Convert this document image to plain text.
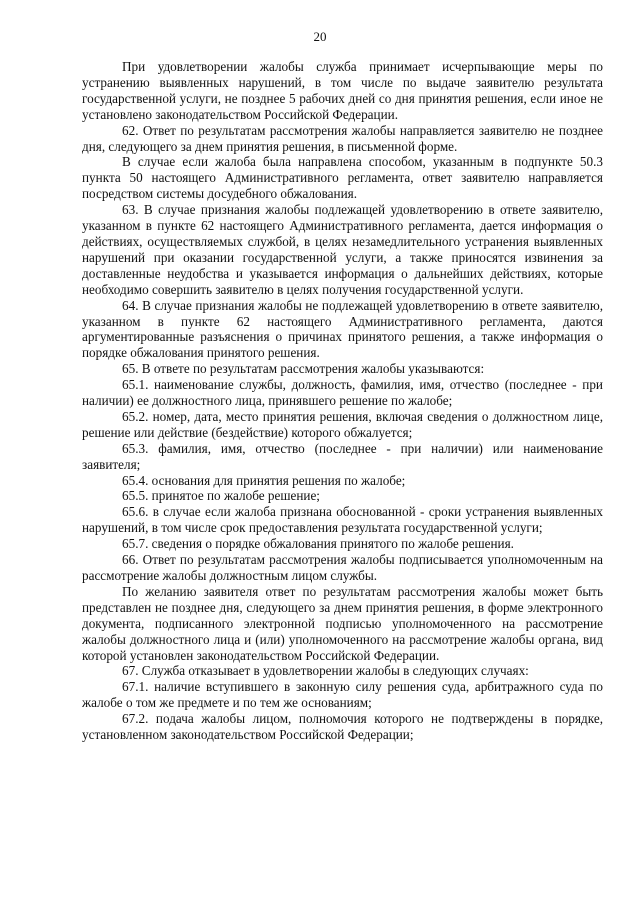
20

При удовлетворении жалобы служба принимает исчерпывающие меры по устранению выявленных нарушений, в том числе по выдаче заявителю результата государственной услуги, не позднее 5 рабочих дней со дня принятия решения, если иное не установлено законодательством Российской Федерации.

62. Ответ по результатам рассмотрения жалобы направляется заявителю не позднее дня, следующего за днем принятия решения, в письменной форме.

В случае если жалоба была направлена способом, указанным в подпункте 50.3 пункта 50 настоящего Административного регламента, ответ заявителю направляется посредством системы досудебного обжалования.

63. В случае признания жалобы подлежащей удовлетворению в ответе заявителю, указанном в пункте 62 настоящего Административного регламента, дается информация о действиях, осуществляемых службой, в целях незамедлительного устранения выявленных нарушений при оказании государственной услуги, а также приносятся извинения за доставленные неудобства и указывается информация о дальнейших действиях, которые необходимо совершить заявителю в целях получения государственной услуги.

64. В случае признания жалобы не подлежащей удовлетворению в ответе заявителю, указанном в пункте 62 настоящего Административного регламента, даются аргументированные разъяснения о причинах принятого решения, а также информация о порядке обжалования принятого решения.

65. В ответе по результатам рассмотрения жалобы указываются:

65.1. наименование службы, должность, фамилия, имя, отчество (последнее - при наличии) ее должностного лица, принявшего решение по жалобе;

65.2. номер, дата, место принятия решения, включая сведения о должностном лице, решение или действие (бездействие) которого обжалуется;

65.3. фамилия, имя, отчество (последнее - при наличии) или наименование заявителя;

65.4. основания для принятия решения по жалобе;

65.5. принятое по жалобе решение;

65.6. в случае если жалоба признана обоснованной - сроки устранения выявленных нарушений, в том числе срок предоставления результата государственной услуги;

65.7. сведения о порядке обжалования принятого по жалобе решения.

66. Ответ по результатам рассмотрения жалобы подписывается уполномоченным на рассмотрение жалобы должностным лицом службы.

По желанию заявителя ответ по результатам рассмотрения жалобы может быть представлен не позднее дня, следующего за днем принятия решения, в форме электронного документа, подписанного электронной подписью уполномоченного на рассмотрение жалобы должностного лица и (или) уполномоченного на рассмотрение жалобы органа, вид которой установлен законодательством Российской Федерации.

67. Служба отказывает в удовлетворении жалобы в следующих случаях:

67.1. наличие вступившего в законную силу решения суда, арбитражного суда по жалобе о том же предмете и по тем же основаниям;

67.2. подача жалобы лицом, полномочия которого не подтверждены в порядке, установленном законодательством Российской Федерации;
